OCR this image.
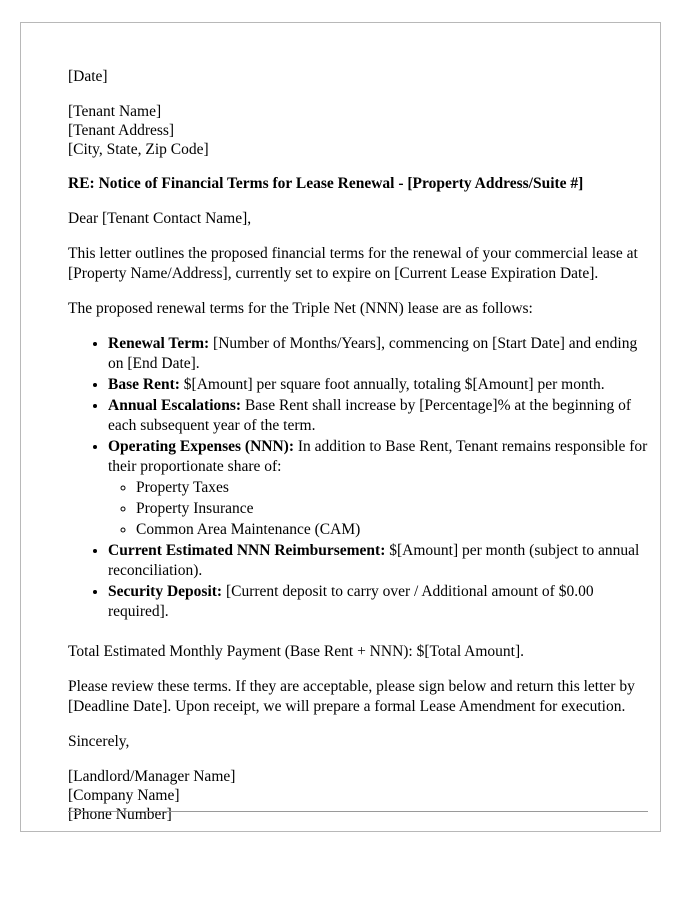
[Date]
[Tenant Name]
[Tenant Address]
[City, State, Zip Code]
RE: Notice of Financial Terms for Lease Renewal - [Property Address/Suite #]
Dear [Tenant Contact Name],
This letter outlines the proposed financial terms for the renewal of your commercial lease at [Property Name/Address], currently set to expire on [Current Lease Expiration Date].
The proposed renewal terms for the Triple Net (NNN) lease are as follows:
• Renewal Term: [Number of Months/Years], commencing on [Start Date] and ending on [End Date].
• Base Rent: $[Amount] per square foot annually, totaling $[Amount] per month.
• Annual Escalations: Base Rent shall increase by [Percentage]% at the beginning of each subsequent year of the term.
• Operating Expenses (NNN): In addition to Base Rent, Tenant remains responsible for their proportionate share of:
◦ Property Taxes
◦ Property Insurance
◦ Common Area Maintenance (CAM)
• Current Estimated NNN Reimbursement: $[Amount] per month (subject to annual reconciliation).
• Security Deposit: [Current deposit to carry over / Additional amount of $0.00 required].
Total Estimated Monthly Payment (Base Rent + NNN): $[Total Amount].
Please review these terms. If they are acceptable, please sign below and return this letter by [Deadline Date]. Upon receipt, we will prepare a formal Lease Amendment for execution.
Sincerely,
[Landlord/Manager Name]
[Company Name]
[Phone Number]
